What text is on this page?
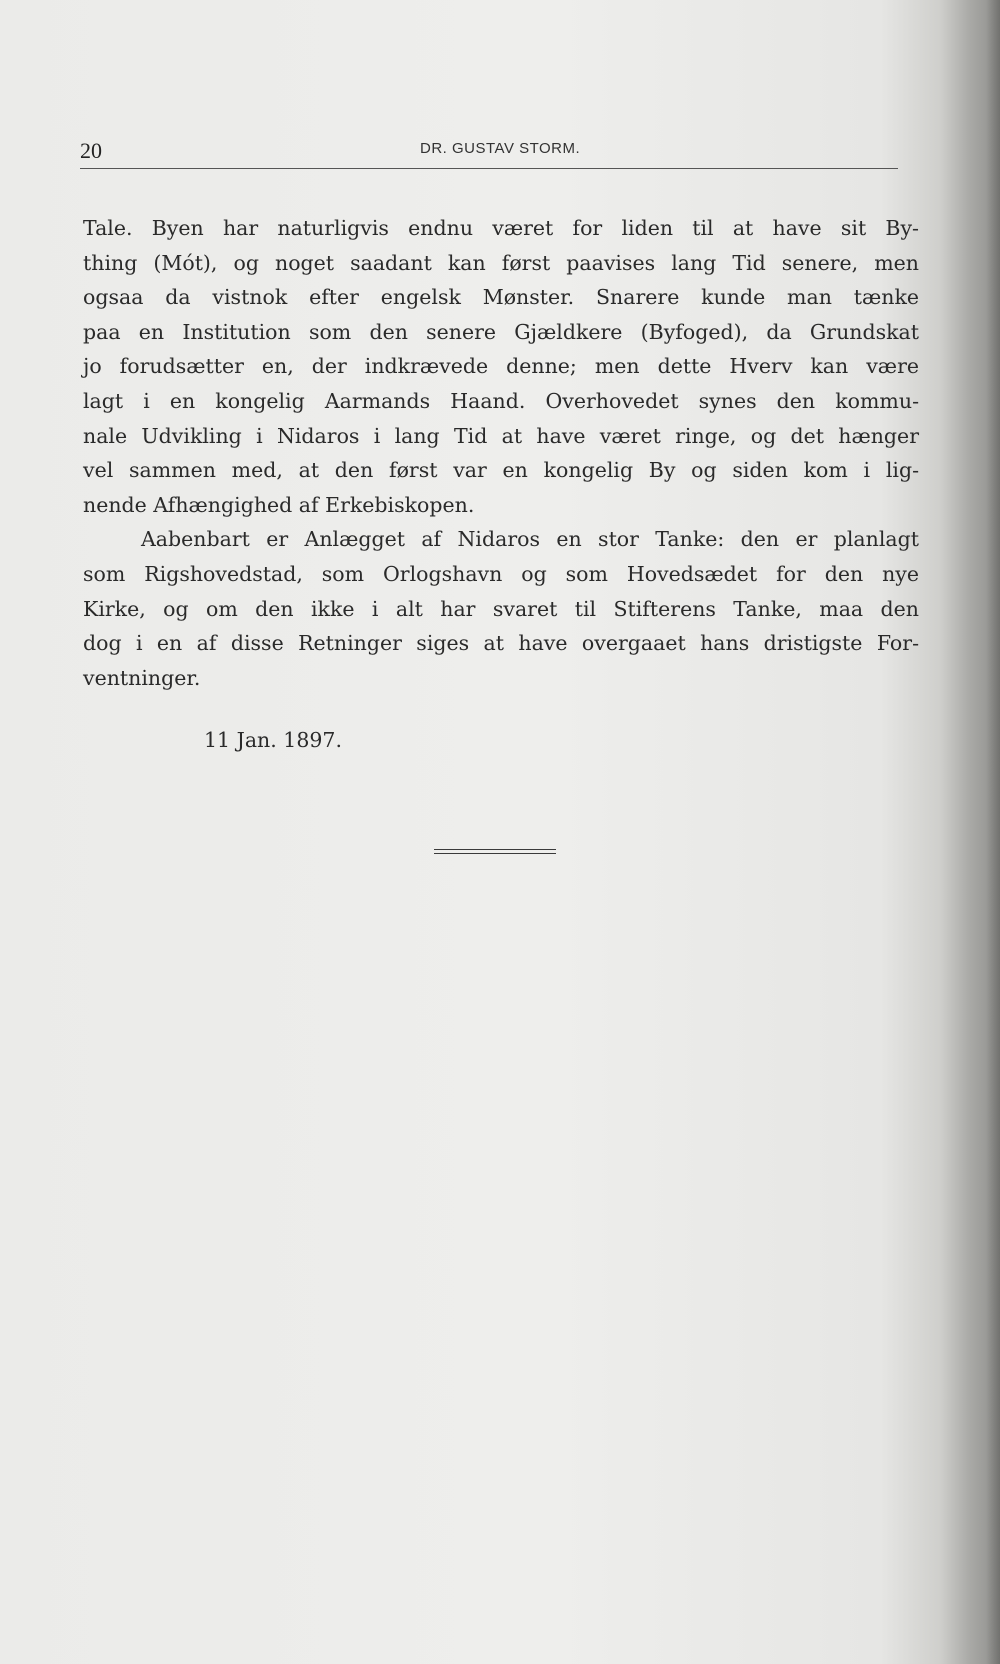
20	DR. GUSTAV STORM.
Tale. Byen har naturligvis endnu været for liden til at have sit By-
thing (Mót), og noget saadant kan først paavises lang Tid senere, men
ogsaa da vistnok efter engelsk Mønster. Snarere kunde man tænke
paa en Institution som den senere Gjældkere (Byfoged), da Grundskat
jo forudsætter en, der indkrævede denne; men dette Hverv kan være
lagt i en kongelig Aarmands Haand. Overhovedet synes den kommu-
nale Udvikling i Nidaros i lang Tid at have været ringe, og det hænger
vel sammen med, at den først var en kongelig By og siden kom i lig-
nende Afhængighed af Erkebiskopen.
Aabenbart er Anlægget af Nidaros en stor Tanke: den er planlagt
som Rigshovedstad, som Orlogshavn og som Hovedsædet for den nye
Kirke, og om den ikke i alt har svaret til Stifterens Tanke, maa den
dog i en af disse Retninger siges at have overgaaet hans dristigste For-
ventninger.
11 Jan. 1897.
